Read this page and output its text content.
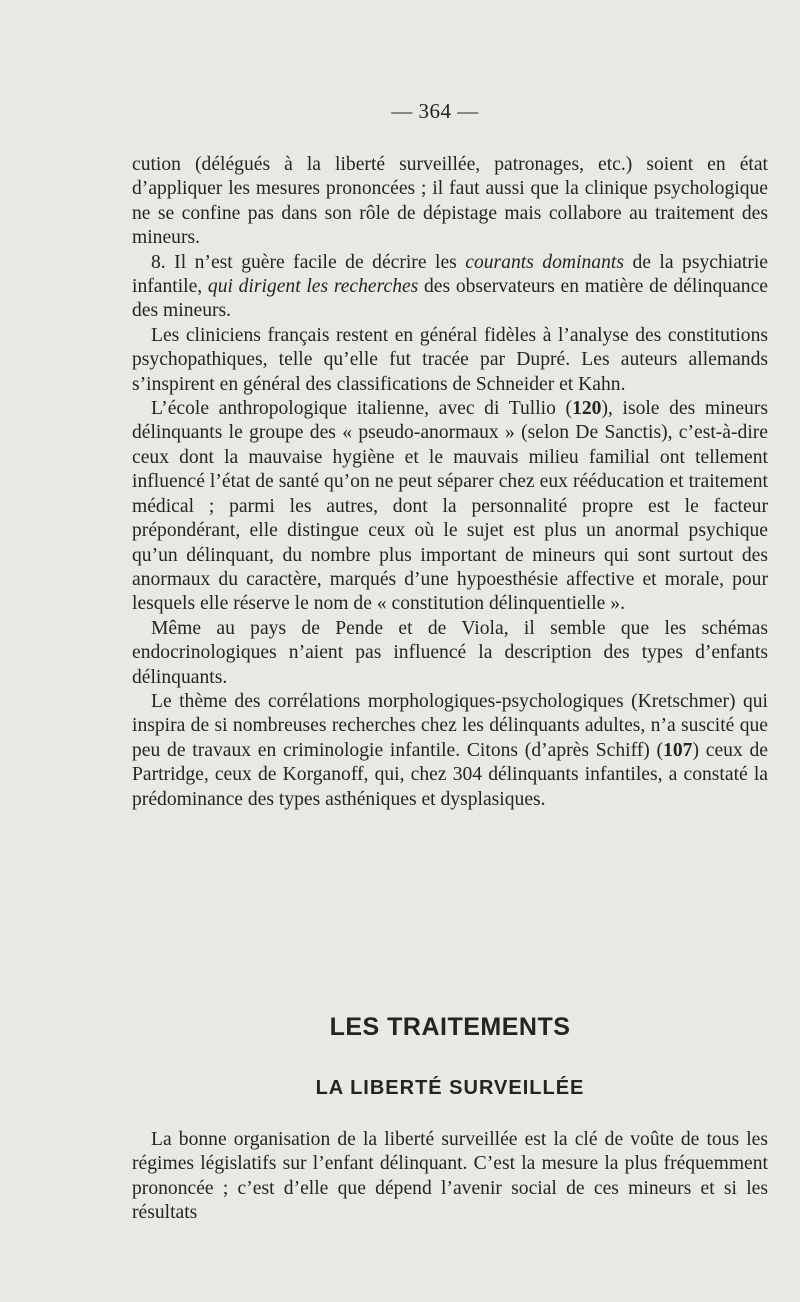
— 364 —

cution (délégués à la liberté surveillée, patronages, etc.) soient en état d’appliquer les mesures prononcées ; il faut aussi que la clinique psychologique ne se confine pas dans son rôle de dépistage mais collabore au traitement des mineurs.

8. Il n’est guère facile de décrire les courants dominants de la psychiatrie infantile, qui dirigent les recherches des observateurs en matière de délinquance des mineurs.

Les cliniciens français restent en général fidèles à l’analyse des constitutions psychopathiques, telle qu’elle fut tracée par Dupré. Les auteurs allemands s’inspirent en général des classifications de Schneider et Kahn.

L’école anthropologique italienne, avec di Tullio (120), isole des mineurs délinquants le groupe des « pseudo-anormaux » (selon De Sanctis), c’est-à-dire ceux dont la mauvaise hygiène et le mauvais milieu familial ont tellement influencé l’état de santé qu’on ne peut séparer chez eux rééducation et traitement médical ; parmi les autres, dont la personnalité propre est le facteur prépondérant, elle distingue ceux où le sujet est plus un anormal psychique qu’un délinquant, du nombre plus important de mineurs qui sont surtout des anormaux du caractère, marqués d’une hypoesthésie affective et morale, pour lesquels elle réserve le nom de « constitution délinquentielle ».

Même au pays de Pende et de Viola, il semble que les schémas endocrinologiques n’aient pas influencé la description des types d’enfants délinquants.

Le thème des corrélations morphologiques-psychologiques (Kretschmer) qui inspira de si nombreuses recherches chez les délinquants adultes, n’a suscité que peu de travaux en criminologie infantile. Citons (d’après Schiff) (107) ceux de Partridge, ceux de Korganoff, qui, chez 304 délinquants infantiles, a constaté la prédominance des types asthéniques et dysplasiques.

LES TRAITEMENTS
LA LIBERTÉ SURVEILLÉE

La bonne organisation de la liberté surveillée est la clé de voûte de tous les régimes législatifs sur l’enfant délinquant. C’est la mesure la plus fréquemment prononcée ; c’est d’elle que dépend l’avenir social de ces mineurs et si les résultats
